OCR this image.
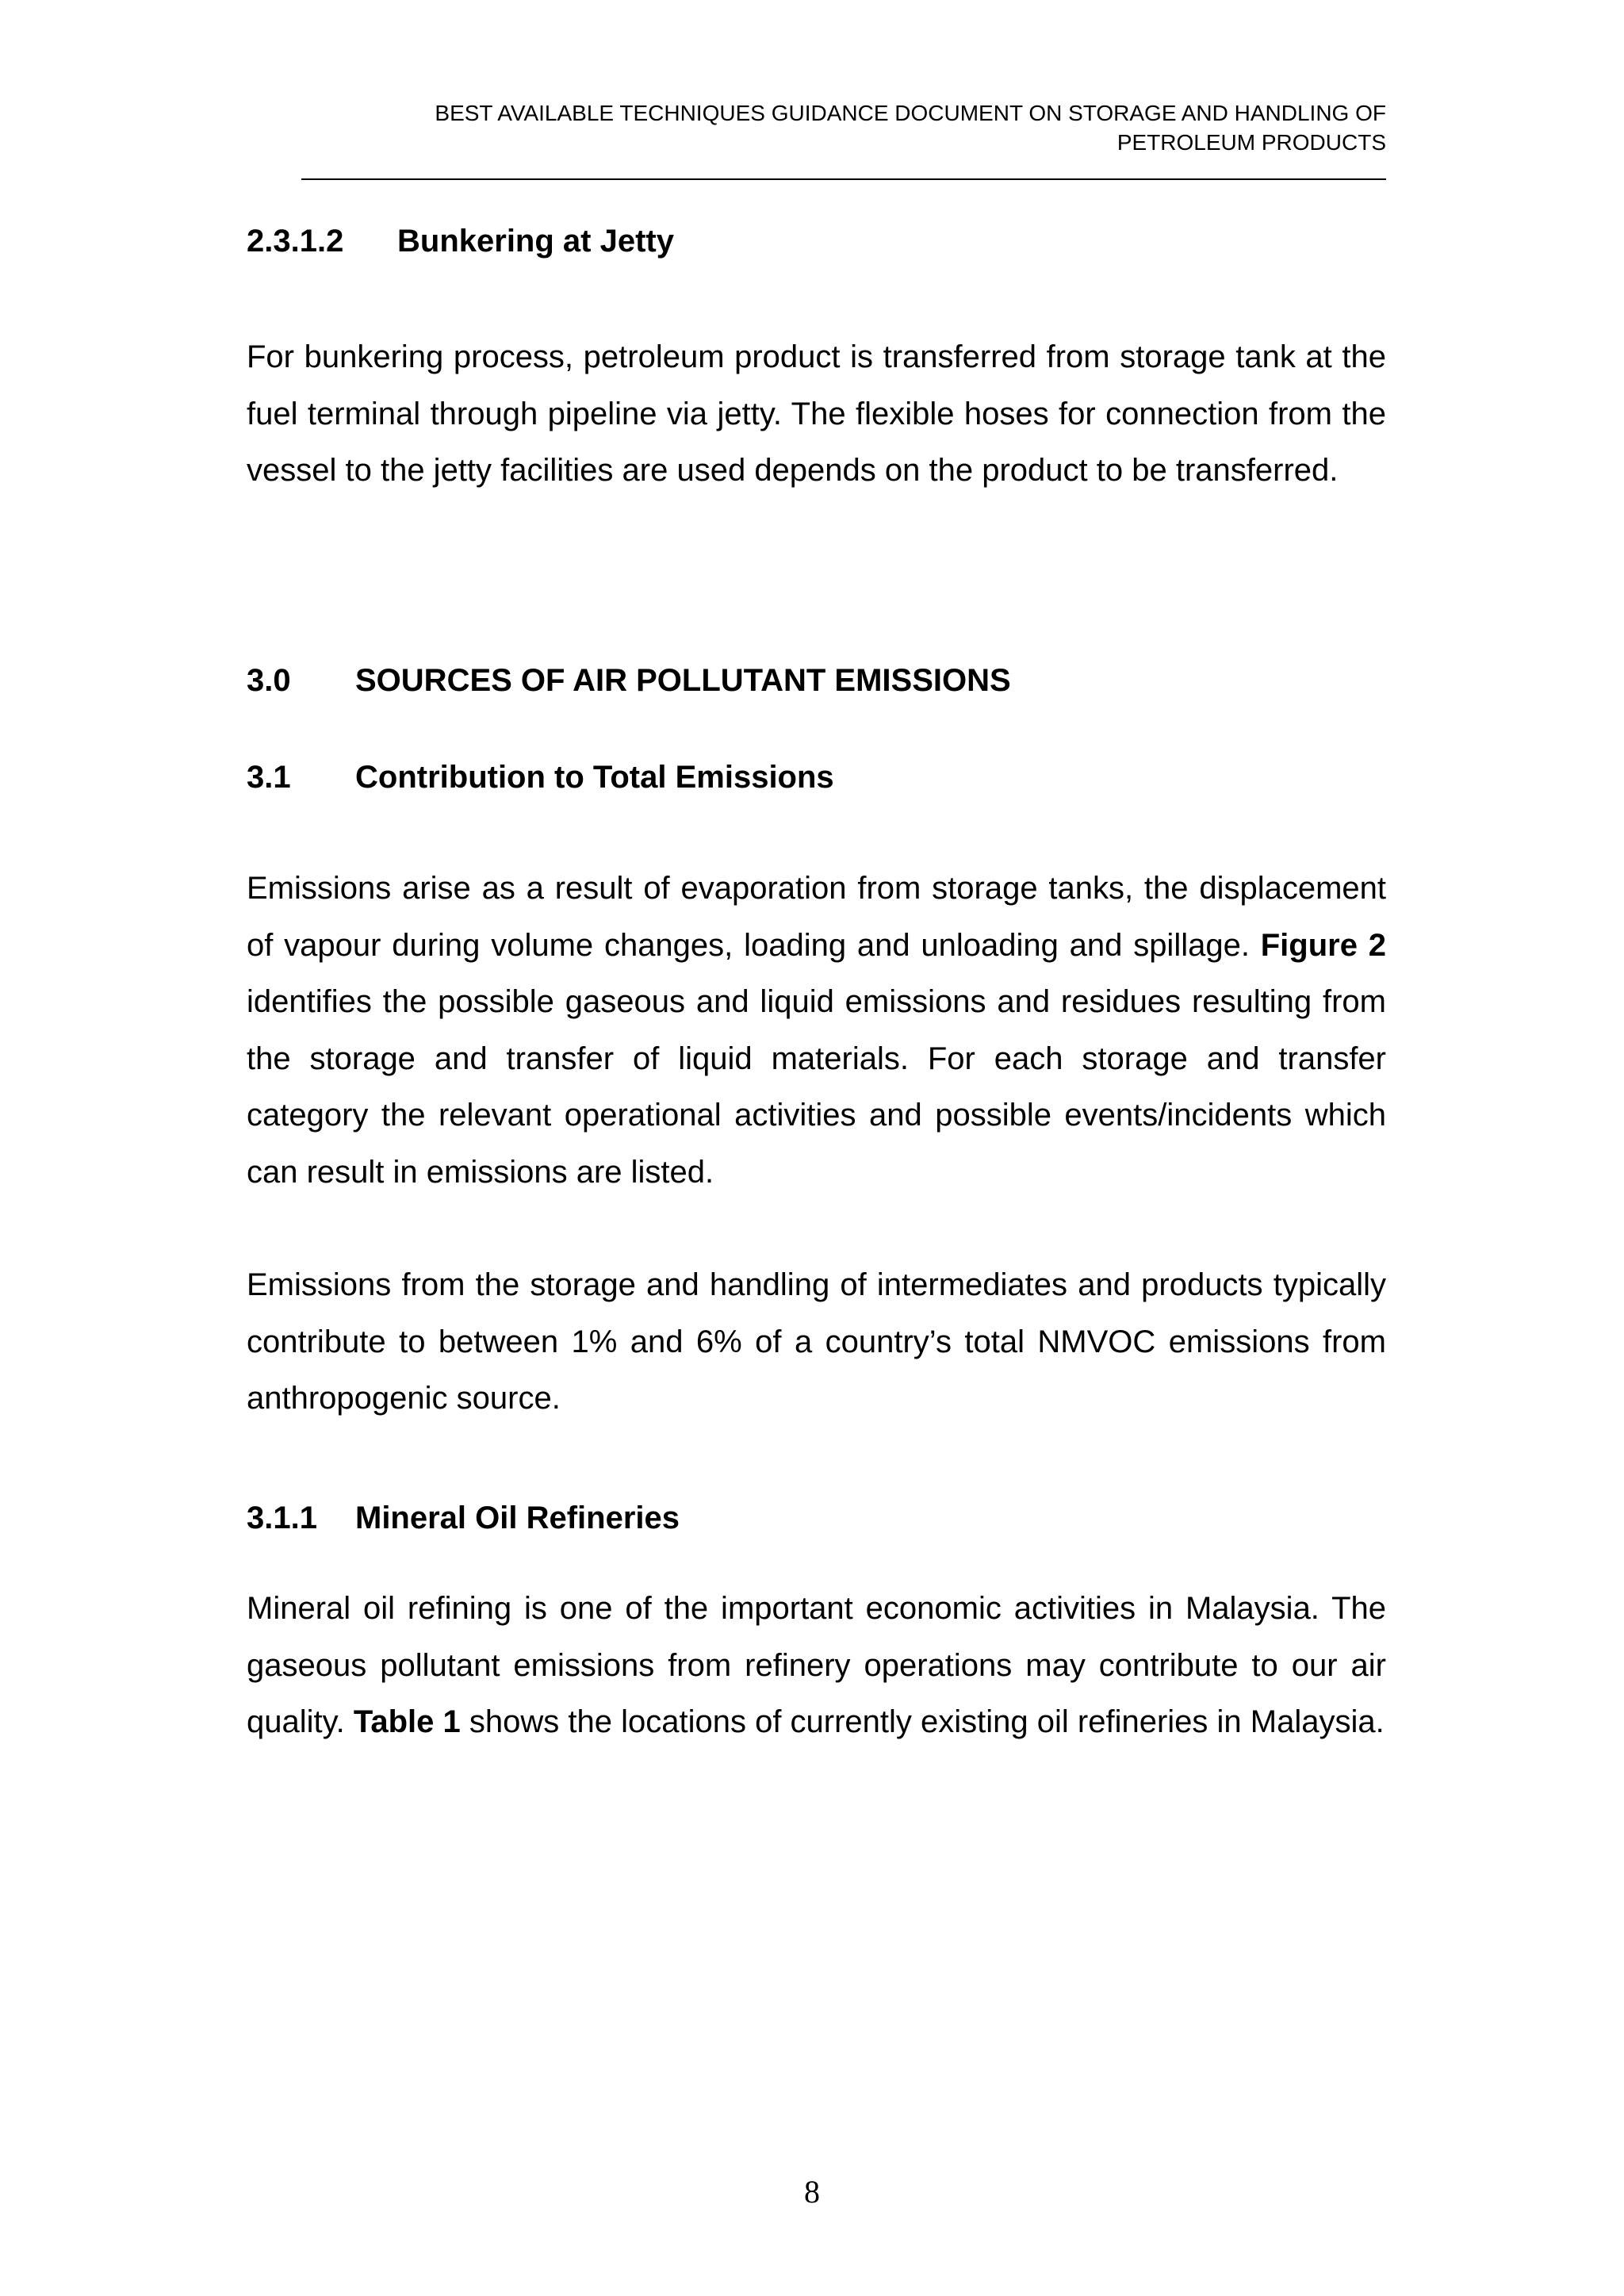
BEST AVAILABLE TECHNIQUES GUIDANCE DOCUMENT ON STORAGE AND HANDLING OF
PETROLEUM PRODUCTS
2.3.1.2 Bunkering at Jetty
For bunkering process, petroleum product is transferred from storage tank at the fuel terminal through pipeline via jetty. The flexible hoses for connection from the vessel to the jetty facilities are used depends on the product to be transferred.
3.0 SOURCES OF AIR POLLUTANT EMISSIONS
3.1 Contribution to Total Emissions
Emissions arise as a result of evaporation from storage tanks, the displacement of vapour during volume changes, loading and unloading and spillage. Figure 2 identifies the possible gaseous and liquid emissions and residues resulting from the storage and transfer of liquid materials. For each storage and transfer category the relevant operational activities and possible events/incidents which can result in emissions are listed.
Emissions from the storage and handling of intermediates and products typically contribute to between 1% and 6% of a country’s total NMVOC emissions from anthropogenic source.
3.1.1 Mineral Oil Refineries
Mineral oil refining is one of the important economic activities in Malaysia. The gaseous pollutant emissions from refinery operations may contribute to our air quality. Table 1 shows the locations of currently existing oil refineries in Malaysia.
8
